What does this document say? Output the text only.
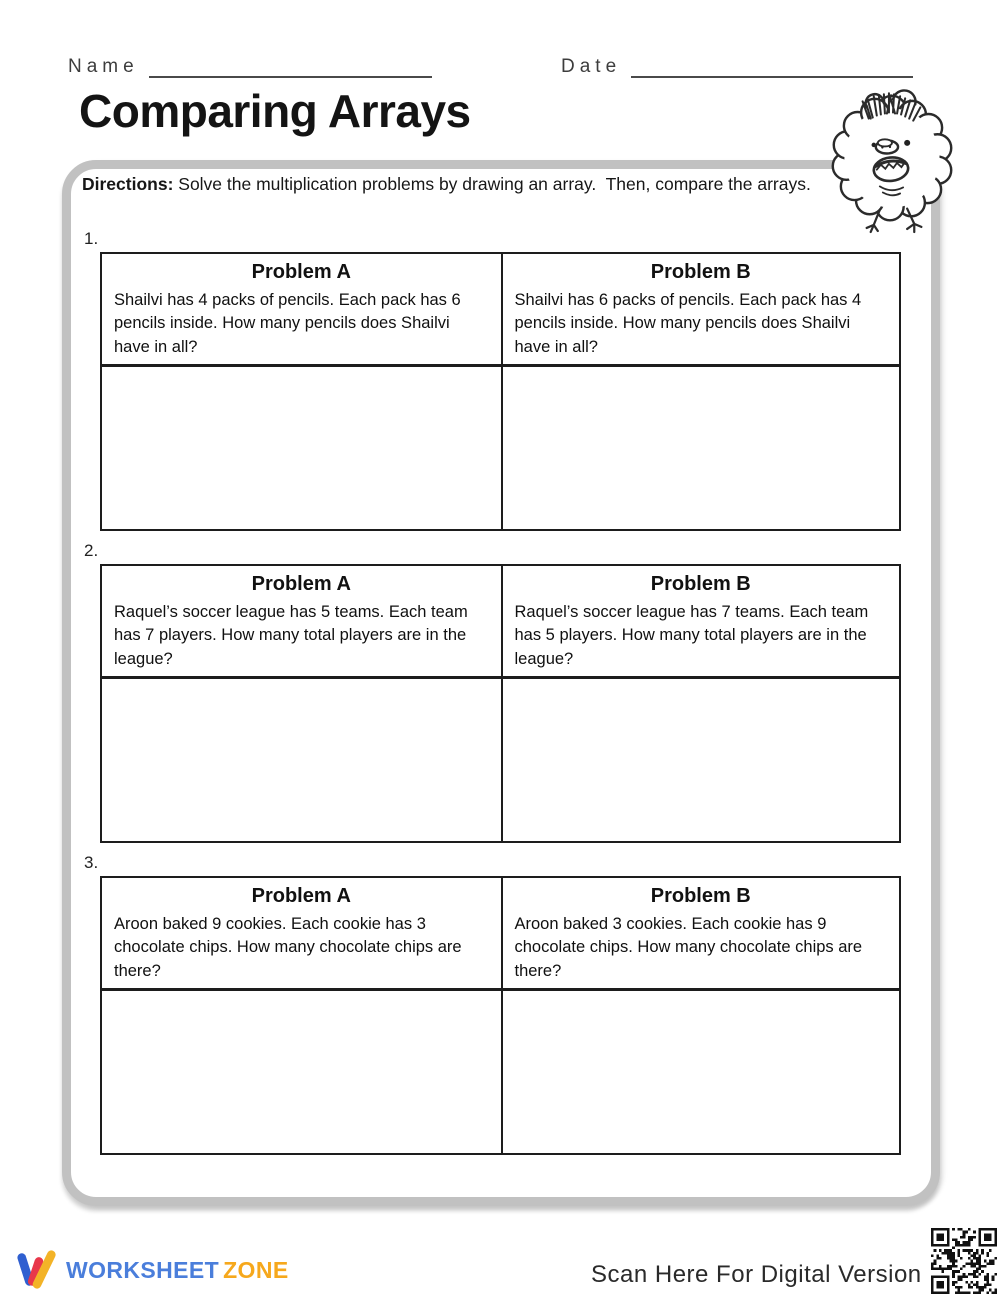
Name	Date
Comparing Arrays
Directions: Solve the multiplication problems by drawing an array.  Then, compare the arrays.
1.
Problem A
Shailvi has 4 packs of pencils. Each pack has 6 pencils inside. How many pencils does Shailvi have in all?
Problem B
Shailvi has 6 packs of pencils. Each pack has 4 pencils inside. How many pencils does Shailvi have in all?
2.
Problem A
Raquel’s soccer league has 5 teams. Each team has 7 players. How many total players are in the league?
Problem B
Raquel’s soccer league has 7 teams. Each team has 5 players. How many total players are in the league?
3.
Problem A
Aroon baked 9 cookies. Each cookie has 3 chocolate chips. How many chocolate chips are there?
Problem B
Aroon baked 3 cookies. Each cookie has 9 chocolate chips. How many chocolate chips are there?
WORKSHEET ZONE	Scan Here For Digital Version
